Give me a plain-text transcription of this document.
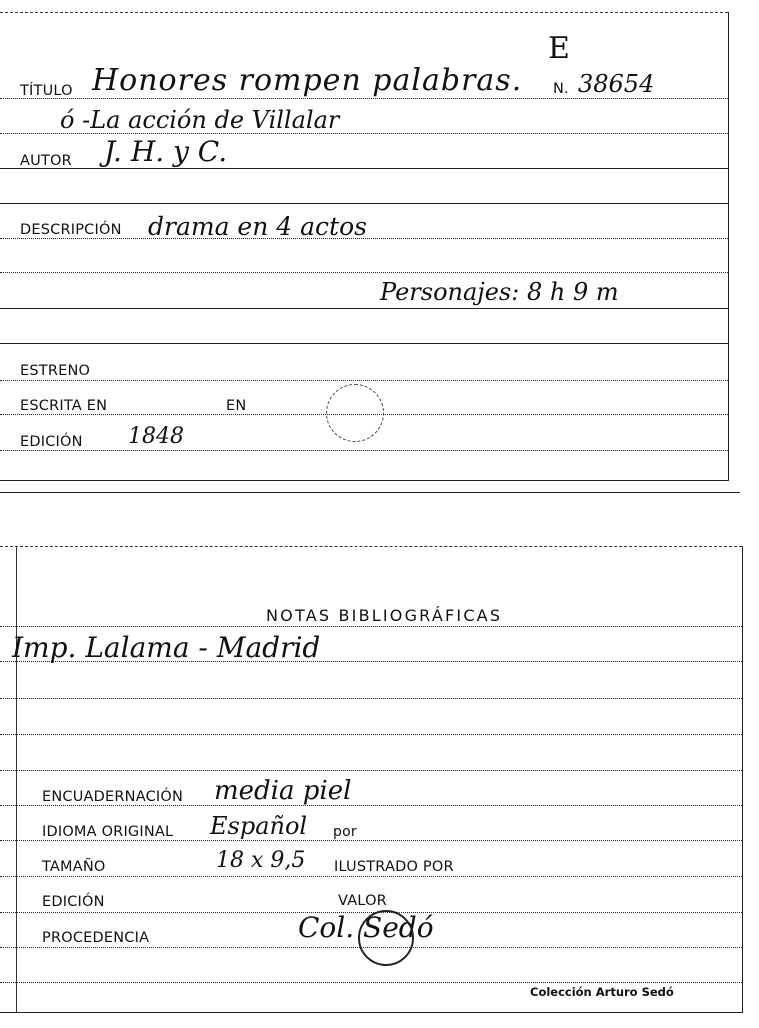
E
TÍTULO Honores rompen palabras. N. 38654
ó -La acción de Villalar
AUTOR J. H. y C.
DESCRIPCIÓN drama en 4 actos
Personajes: 8 h 9 m
ESTRENO
ESCRITA EN	EN
EDICIÓN 1848
NOTAS BIBLIOGRÁFICAS
Imp. Lalama - Madrid
ENCUADERNACIÓN media piel
IDIOMA ORIGINAL Español por
TAMAÑO	18 x 9,5 ILUSTRADO POR
EDICIÓN	VALOR
PROCEDENCIA	Col. Sedó
Colección Arturo Sedó
